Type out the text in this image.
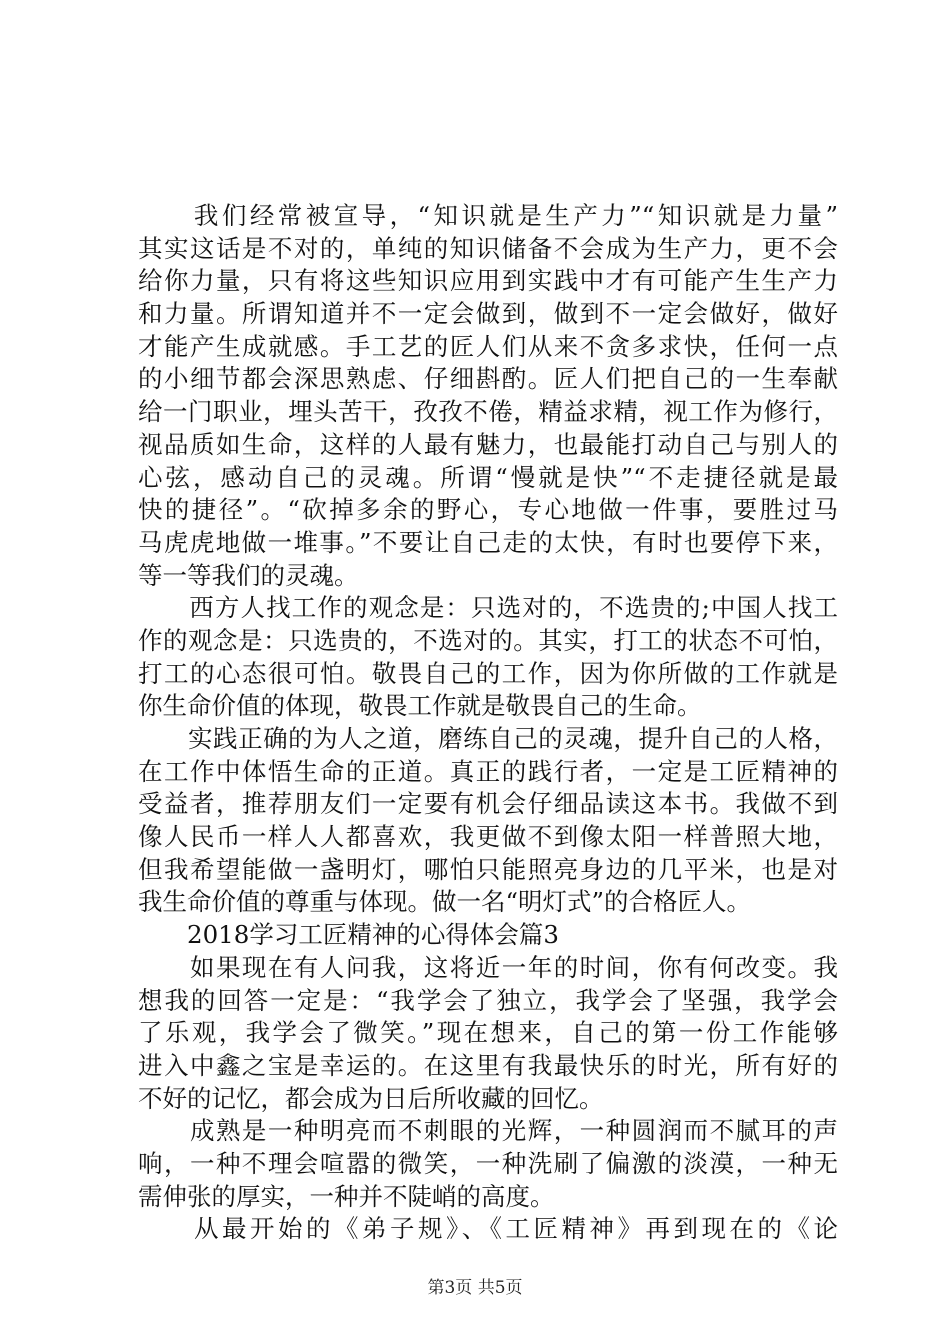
　　我们经常被宣导，“知识就是生产力”“知识就是力量”
其实这话是不对的，单纯的知识储备不会成为生产力，更不会
给你力量，只有将这些知识应用到实践中才有可能产生生产力
和力量。所谓知道并不一定会做到，做到不一定会做好，做好
才能产生成就感。手工艺的匠人们从来不贪多求快，任何一点
的小细节都会深思熟虑、仔细斟酌。匠人们把自己的一生奉献
给一门职业，埋头苦干，孜孜不倦，精益求精，视工作为修行，
视品质如生命，这样的人最有魅力，也最能打动自己与别人的
心弦，感动自己的灵魂。所谓“慢就是快”“不走捷径就是最
快的捷径”。“砍掉多余的野心，专心地做一件事，要胜过马
马虎虎地做一堆事。”不要让自己走的太快，有时也要停下来，
等一等我们的灵魂。
　　西方人找工作的观念是：只选对的，不选贵的;中国人找工
作的观念是：只选贵的，不选对的。其实，打工的状态不可怕，
打工的心态很可怕。敬畏自己的工作，因为你所做的工作就是
你生命价值的体现，敬畏工作就是敬畏自己的生命。
　　实践正确的为人之道，磨练自己的灵魂，提升自己的人格，
在工作中体悟生命的正道。真正的践行者，一定是工匠精神的
受益者，推荐朋友们一定要有机会仔细品读这本书。我做不到
像人民币一样人人都喜欢，我更做不到像太阳一样普照大地，
但我希望能做一盏明灯，哪怕只能照亮身边的几平米，也是对
我生命价值的尊重与体现。做一名“明灯式”的合格匠人。
　　2018学习工匠精神的心得体会篇3
　　如果现在有人问我，这将近一年的时间，你有何改变。我
想我的回答一定是：“我学会了独立，我学会了坚强，我学会
了乐观，我学会了微笑。”现在想来，自己的第一份工作能够
进入中鑫之宝是幸运的。在这里有我最快乐的时光，所有好的
不好的记忆，都会成为日后所收藏的回忆。
　　成熟是一种明亮而不刺眼的光辉，一种圆润而不腻耳的声
响，一种不理会喧嚣的微笑，一种洗刷了偏激的淡漠，一种无
需伸张的厚实，一种并不陡峭的高度。
　　从最开始的《弟子规》、《工匠精神》再到现在的《论
第3页 共5页
